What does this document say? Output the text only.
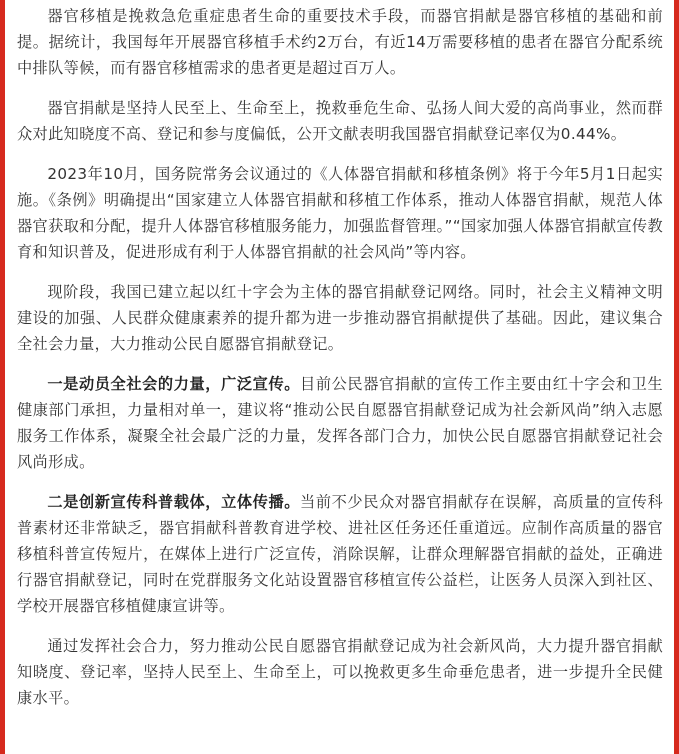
器官移植是挽救急危重症患者生命的重要技术手段，而器官捐献是器官移植的基础和前提。据统计，我国每年开展器官移植手术约2万台，有近14万需要移植的患者在器官分配系统中排队等候，而有器官移植需求的患者更是超过百万人。

器官捐献是坚持人民至上、生命至上，挽救垂危生命、弘扬人间大爱的高尚事业，然而群众对此知晓度不高、登记和参与度偏低，公开文献表明我国器官捐献登记率仅为0.44%。

2023年10月，国务院常务会议通过的《人体器官捐献和移植条例》将于今年5月1日起实施。《条例》明确提出“国家建立人体器官捐献和移植工作体系，推动人体器官捐献，规范人体器官获取和分配，提升人体器官移植服务能力，加强监督管理。”“国家加强人体器官捐献宣传教育和知识普及，促进形成有利于人体器官捐献的社会风尚”等内容。

现阶段，我国已建立起以红十字会为主体的器官捐献登记网络。同时，社会主义精神文明建设的加强、人民群众健康素养的提升都为进一步推动器官捐献提供了基础。因此，建议集合全社会力量，大力推动公民自愿器官捐献登记。

一是动员全社会的力量，广泛宣传。目前公民器官捐献的宣传工作主要由红十字会和卫生健康部门承担，力量相对单一，建议将“推动公民自愿器官捐献登记成为社会新风尚”纳入志愿服务工作体系，凝聚全社会最广泛的力量，发挥各部门合力，加快公民自愿器官捐献登记社会风尚形成。

二是创新宣传科普载体，立体传播。当前不少民众对器官捐献存在误解，高质量的宣传科普素材还非常缺乏，器官捐献科普教育进学校、进社区任务还任重道远。应制作高质量的器官移植科普宣传短片，在媒体上进行广泛宣传，消除误解，让群众理解器官捐献的益处，正确进行器官捐献登记，同时在党群服务文化站设置器官移植宣传公益栏，让医务人员深入到社区、学校开展器官移植健康宣讲等。

通过发挥社会合力，努力推动公民自愿器官捐献登记成为社会新风尚，大力提升器官捐献知晓度、登记率，坚持人民至上、生命至上，可以挽救更多生命垂危患者，进一步提升全民健康水平。
